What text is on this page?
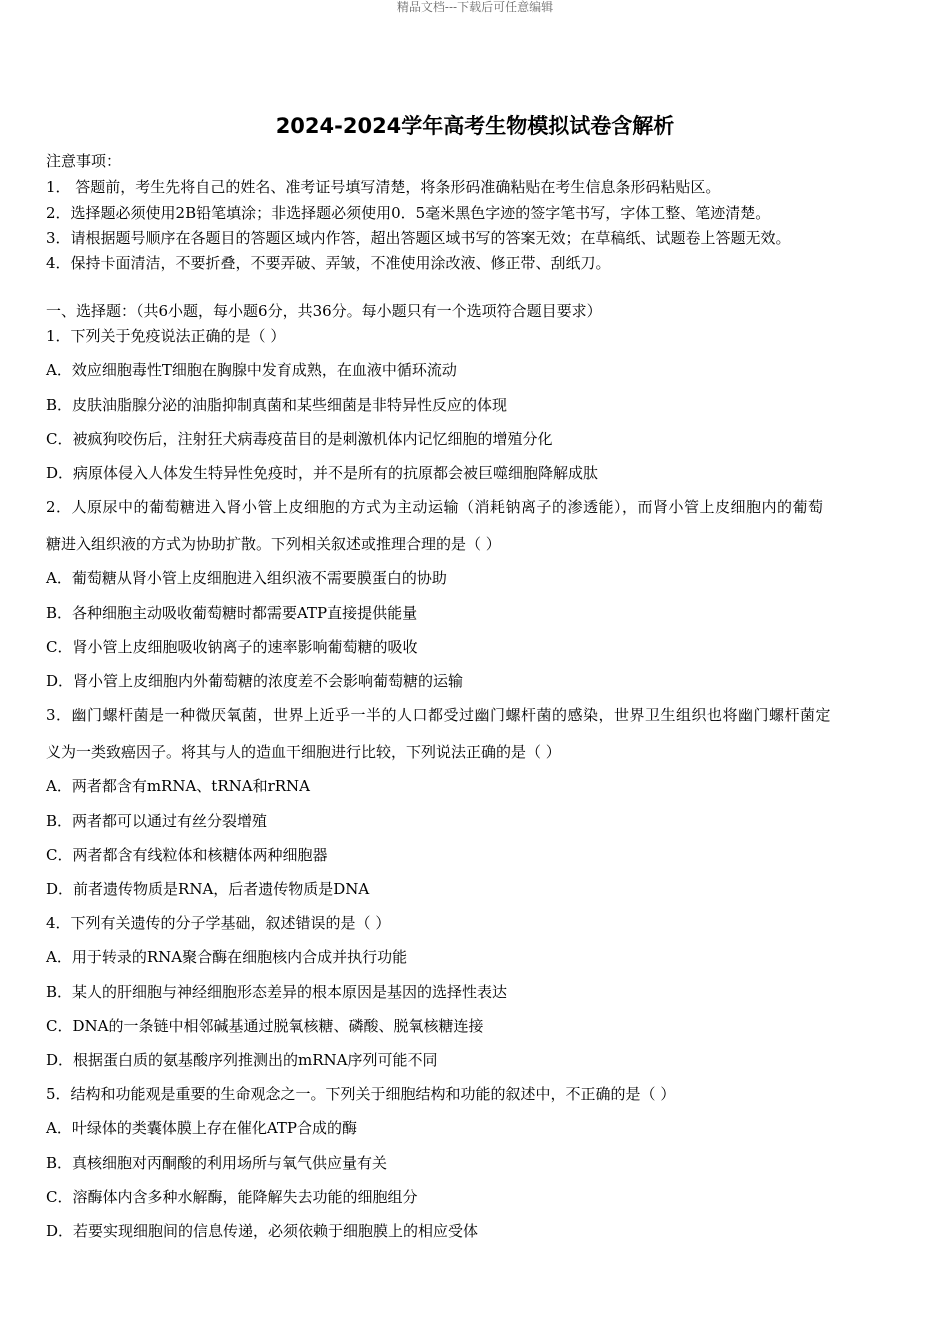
精品文档---下载后可任意编辑
2024-2024学年高考生物模拟试卷含解析
注意事项：
1． 答题前，考生先将自己的姓名、准考证号填写清楚，将条形码准确粘贴在考生信息条形码粘贴区。
2．选择题必须使用2B铅笔填涂；非选择题必须使用0．5毫米黑色字迹的签字笔书写，字体工整、笔迹清楚。
3．请根据题号顺序在各题目的答题区域内作答，超出答题区域书写的答案无效；在草稿纸、试题卷上答题无效。
4．保持卡面清洁，不要折叠，不要弄破、弄皱，不准使用涂改液、修正带、刮纸刀。
一、选择题：（共6小题，每小题6分，共36分。每小题只有一个选项符合题目要求）
1．下列关于免疫说法正确的是（ ）
A．效应细胞毒性T细胞在胸腺中发育成熟，在血液中循环流动
B．皮肤油脂腺分泌的油脂抑制真菌和某些细菌是非特异性反应的体现
C．被疯狗咬伤后，注射狂犬病毒疫苗目的是刺激机体内记忆细胞的增殖分化
D．病原体侵入人体发生特异性免疫时，并不是所有的抗原都会被巨噬细胞降解成肽
2．人原尿中的葡萄糖进入肾小管上皮细胞的方式为主动运输（消耗钠离子的渗透能），而肾小管上皮细胞内的葡萄
糖进入组织液的方式为协助扩散。下列相关叙述或推理合理的是（ ）
A．葡萄糖从肾小管上皮细胞进入组织液不需要膜蛋白的协助
B．各种细胞主动吸收葡萄糖时都需要ATP直接提供能量
C．肾小管上皮细胞吸收钠离子的速率影响葡萄糖的吸收
D．肾小管上皮细胞内外葡萄糖的浓度差不会影响葡萄糖的运输
3．幽门螺杆菌是一种微厌氧菌，世界上近乎一半的人口都受过幽门螺杆菌的感染，世界卫生组织也将幽门螺杆菌定
义为一类致癌因子。将其与人的造血干细胞进行比较，下列说法正确的是（ ）
A．两者都含有mRNA、tRNA和rRNA
B．两者都可以通过有丝分裂增殖
C．两者都含有线粒体和核糖体两种细胞器
D．前者遗传物质是RNA，后者遗传物质是DNA
4．下列有关遗传的分子学基础，叙述错误的是（ ）
A．用于转录的RNA聚合酶在细胞核内合成并执行功能
B．某人的肝细胞与神经细胞形态差异的根本原因是基因的选择性表达
C．DNA的一条链中相邻碱基通过脱氧核糖、磷酸、脱氧核糖连接
D．根据蛋白质的氨基酸序列推测出的mRNA序列可能不同
5．结构和功能观是重要的生命观念之一。下列关于细胞结构和功能的叙述中，不正确的是（ ）
A．叶绿体的类囊体膜上存在催化ATP合成的酶
B．真核细胞对丙酮酸的利用场所与氧气供应量有关
C．溶酶体内含多种水解酶，能降解失去功能的细胞组分
D．若要实现细胞间的信息传递，必须依赖于细胞膜上的相应受体
